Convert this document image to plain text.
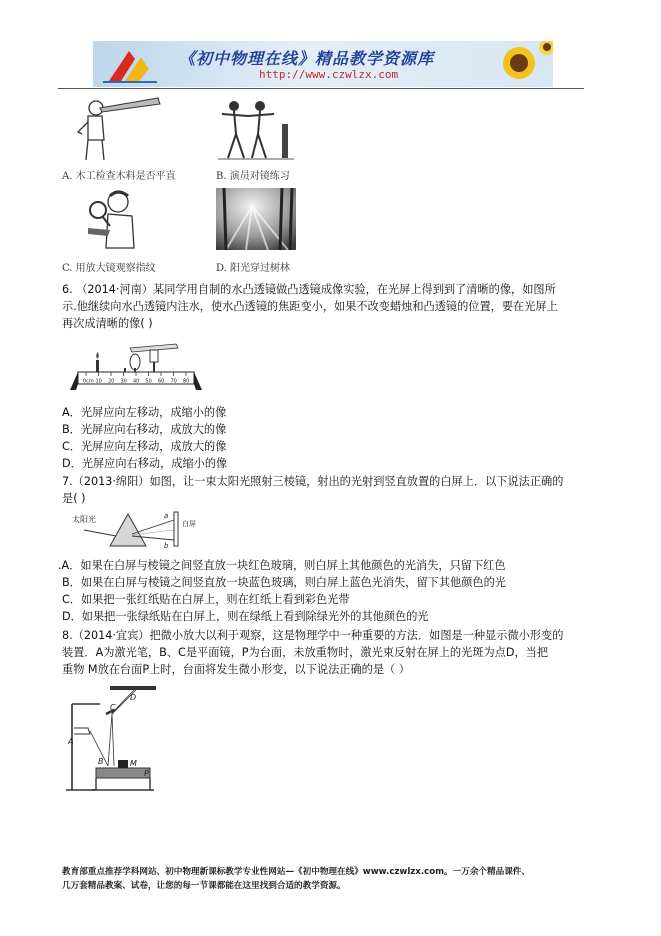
《初中物理在线》精品教学资源库
http://www.czwlzx.com
A. 木工检查木料是否平直	B. 演员对镜练习
C. 用放大镜观察指纹	D. 阳光穿过树林
6. （2014·河南）某同学用自制的水凸透镜做凸透镜成像实验，在光屏上得到到了清晰的像，如图所
示.他继续向水凸透镜内注水，使水凸透镜的焦距变小，如果不改变蜡烛和凸透镜的位置，要在光屏上
再次成清晰的像( )
0cm 10 20 30 40 50 60 70 80
A．光屏应向左移动，成缩小的像
B．光屏应向右移动，成放大的像
C．光屏应向左移动，成放大的像
D．光屏应向右移动，成缩小的像
7.（2013·绵阳）如图，让一束太阳光照射三棱镜，射出的光射到竖直放置的白屏上．以下说法正确的
是( )
太阳光	a
b
白屏
.A．如果在白屏与棱镜之间竖直放一块红色玻璃，则白屏上其他颜色的光消失，只留下红色
B．如果在白屏与棱镜之间竖直放一块蓝色玻璃，则白屏上蓝色光消失，留下其他颜色的光
C．如果把一张红纸贴在白屏上，则在红纸上看到彩色光带
D．如果把一张绿纸贴在白屏上，则在绿纸上看到除绿光外的其他颜色的光
8.（2014·宜宾）把微小放大以利于观察，这是物理学中一种重要的方法．如图是一种显示微小形变的
装置．A为激光笔，B、C是平面镜，P为台面，未放重物时，激光束反射在屏上的光斑为点D，当把
重物 M放在台面P上时，台面将发生微小形变，以下说法正确的是（ ）
D
A
C
M
B
P
教育部重点推荐学科网站、初中物理新课标教学专业性网站—《初中物理在线》www.czwlzx.com。一万余个精品课件、
几万套精品教案、试卷，让您的每一节课都能在这里找到合适的教学资源。
